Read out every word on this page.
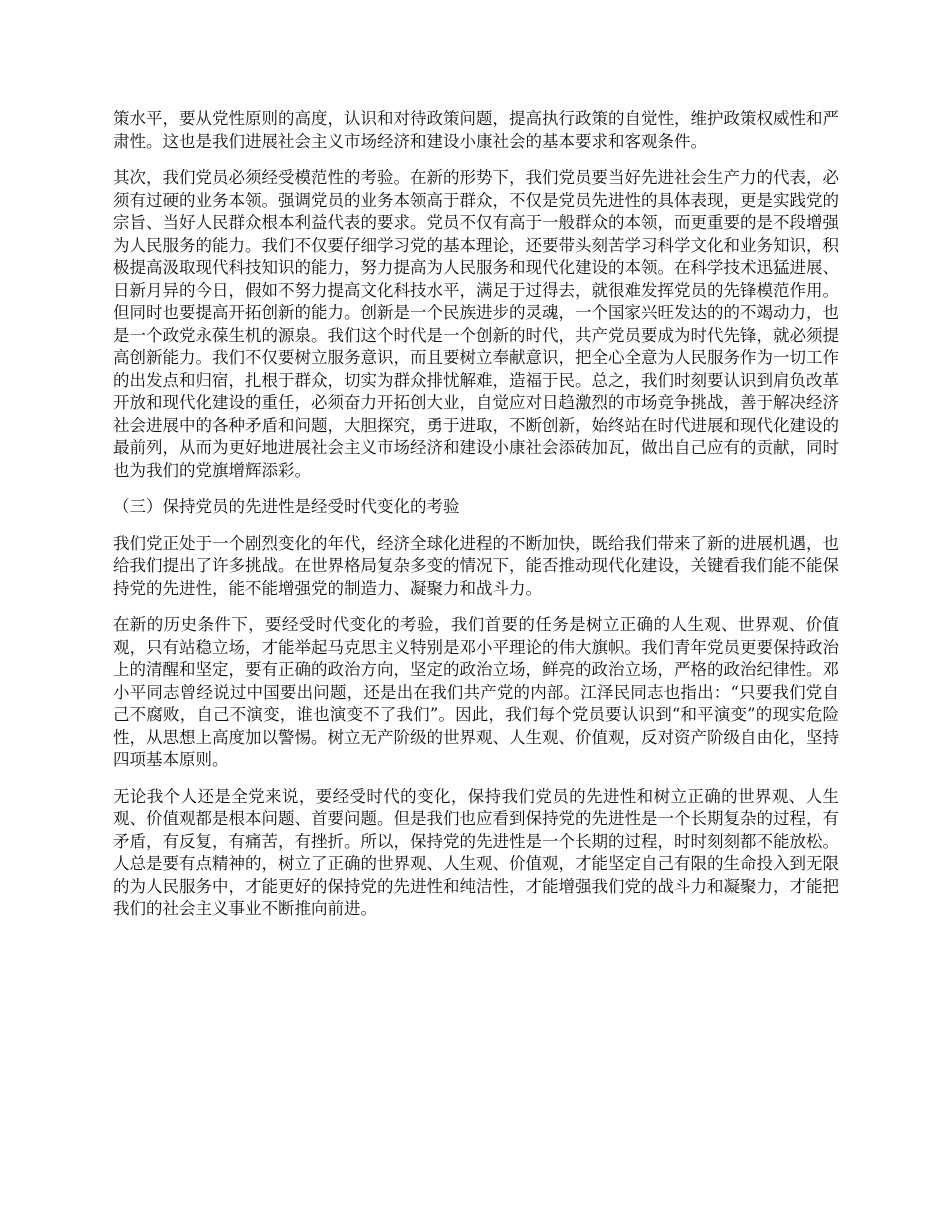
策水平，要从党性原则的高度，认识和对待政策问题，提高执行政策的自觉性，维护政策权威性和严肃性。这也是我们进展社会主义市场经济和建设小康社会的基本要求和客观条件。

其次，我们党员必须经受模范性的考验。在新的形势下，我们党员要当好先进社会生产力的代表，必须有过硬的业务本领。强调党员的业务本领高于群众，不仅是党员先进性的具体表现，更是实践党的宗旨、当好人民群众根本利益代表的要求。党员不仅有高于一般群众的本领，而更重要的是不段增强为人民服务的能力。我们不仅要仔细学习党的基本理论，还要带头刻苦学习科学文化和业务知识，积极提高汲取现代科技知识的能力，努力提高为人民服务和现代化建设的本领。在科学技术迅猛进展、日新月异的今日，假如不努力提高文化科技水平，满足于过得去，就很难发挥党员的先锋模范作用。但同时也要提高开拓创新的能力。创新是一个民族进步的灵魂，一个国家兴旺发达的的不竭动力，也是一个政党永葆生机的源泉。我们这个时代是一个创新的时代，共产党员要成为时代先锋，就必须提高创新能力。我们不仅要树立服务意识，而且要树立奉献意识，把全心全意为人民服务作为一切工作的出发点和归宿，扎根于群众，切实为群众排忧解难，造福于民。总之，我们时刻要认识到肩负改革开放和现代化建设的重任，必须奋力开拓创大业，自觉应对日趋激烈的市场竞争挑战，善于解决经济社会进展中的各种矛盾和问题，大胆探究，勇于进取，不断创新，始终站在时代进展和现代化建设的最前列，从而为更好地进展社会主义市场经济和建设小康社会添砖加瓦，做出自己应有的贡献，同时也为我们的党旗增辉添彩。

（三）保持党员的先进性是经受时代变化的考验

我们党正处于一个剧烈变化的年代，经济全球化进程的不断加快，既给我们带来了新的进展机遇，也给我们提出了许多挑战。在世界格局复杂多变的情况下，能否推动现代化建设，关键看我们能不能保持党的先进性，能不能增强党的制造力、凝聚力和战斗力。

在新的历史条件下，要经受时代变化的考验，我们首要的任务是树立正确的人生观、世界观、价值观，只有站稳立场，才能举起马克思主义特别是邓小平理论的伟大旗帜。我们青年党员更要保持政治上的清醒和坚定，要有正确的政治方向，坚定的政治立场，鲜亮的政治立场，严格的政治纪律性。邓小平同志曾经说过中国要出问题，还是出在我们共产党的内部。江泽民同志也指出：“只要我们党自己不腐败，自己不演变，谁也演变不了我们”。因此，我们每个党员要认识到“和平演变”的现实危险性，从思想上高度加以警惕。树立无产阶级的世界观、人生观、价值观，反对资产阶级自由化，坚持四项基本原则。

无论我个人还是全党来说，要经受时代的变化，保持我们党员的先进性和树立正确的世界观、人生观、价值观都是根本问题、首要问题。但是我们也应看到保持党的先进性是一个长期复杂的过程，有矛盾，有反复，有痛苦，有挫折。所以，保持党的先进性是一个长期的过程，时时刻刻都不能放松。人总是要有点精神的，树立了正确的世界观、人生观、价值观，才能坚定自己有限的生命投入到无限的为人民服务中，才能更好的保持党的先进性和纯洁性，才能增强我们党的战斗力和凝聚力，才能把我们的社会主义事业不断推向前进。
